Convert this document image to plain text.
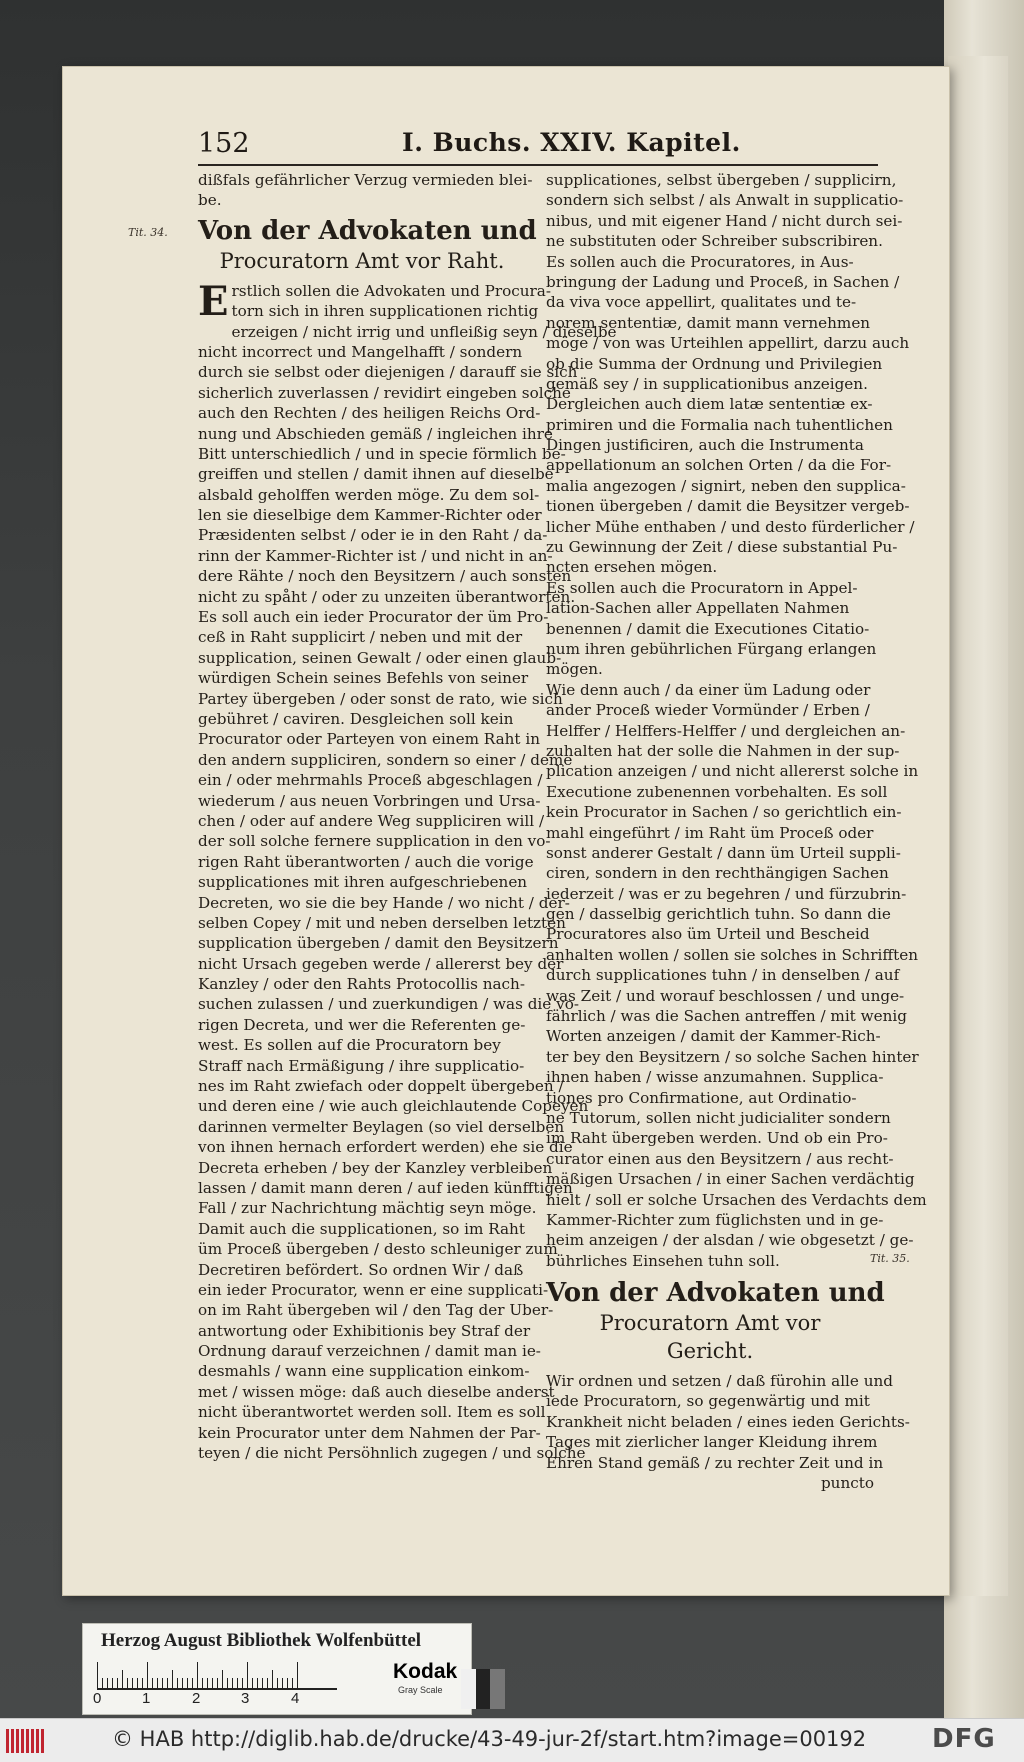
152	I. Buchs. XXIV. Kapitel.
Tit. 34.
Tit. 35.
dißfals gefährlicher Verzug vermieden blei-
be.
Von der Advokaten und
Procuratorn Amt vor Raht.
E rstlich sollen die Advokaten und Procura-
torn sich in ihren supplicationen richtig
erzeigen / nicht irrig und unfleißig seyn / dieselbe
nicht incorrect und Mangelhafft / sondern
durch sie selbst oder diejenigen / darauff sie sich
sicherlich zuverlassen / revidirt eingeben solche
auch den Rechten / des heiligen Reichs Ord-
nung und Abschieden gemäß / ingleichen ihre
Bitt unterschiedlich / und in specie förmlich be-
greiffen und stellen / damit ihnen auf dieselbe
alsbald geholffen werden möge. Zu dem sol-
len sie dieselbige dem Kammer-Richter oder
Præsidenten selbst / oder ie in den Raht / da-
rinn der Kammer-Richter ist / und nicht in an-
dere Rähte / noch den Beysitzern / auch sonsten
nicht zu spåht / oder zu unzeiten überantworten.
Es soll auch ein ieder Procurator der üm Pro-
ceß in Raht supplicirt / neben und mit der
supplication, seinen Gewalt / oder einen glaub-
würdigen Schein seines Befehls von seiner
Partey übergeben / oder sonst de rato, wie sich
gebühret / caviren. Desgleichen soll kein
Procurator oder Parteyen von einem Raht in
den andern suppliciren, sondern so einer / deme
ein / oder mehrmahls Proceß abgeschlagen /
wiederum / aus neuen Vorbringen und Ursa-
chen / oder auf andere Weg suppliciren will /
der soll solche fernere supplication in den vo-
rigen Raht überantworten / auch die vorige
supplicationes mit ihren aufgeschriebenen
Decreten, wo sie die bey Hande / wo nicht / der-
selben Copey / mit und neben derselben letzten
supplication übergeben / damit den Beysitzern
nicht Ursach gegeben werde / allererst bey der
Kanzley / oder den Rahts Protocollis nach-
suchen zulassen / und zuerkundigen / was die vo-
rigen Decreta, und wer die Referenten ge-
west. Es sollen auf die Procuratorn bey
Straff nach Ermäßigung / ihre supplicatio-
nes im Raht zwiefach oder doppelt übergeben /
und deren eine / wie auch gleichlautende Copeyen
darinnen vermelter Beylagen (so viel derselben
von ihnen hernach erfordert werden) ehe sie die
Decreta erheben / bey der Kanzley verbleiben
lassen / damit mann deren / auf ieden künfftigen
Fall / zur Nachrichtung mächtig seyn möge.
Damit auch die supplicationen, so im Raht
üm Proceß übergeben / desto schleuniger zum
Decretiren befördert. So ordnen Wir / daß
ein ieder Procurator, wenn er eine supplicati-
on im Raht übergeben wil / den Tag der Uber-
antwortung oder Exhibitionis bey Straf der
Ordnung darauf verzeichnen / damit man ie-
desmahls / wann eine supplication einkom-
met / wissen möge: daß auch dieselbe anderst
nicht überantwortet werden soll. Item es soll
kein Procurator unter dem Nahmen der Par-
teyen / die nicht Persöhnlich zugegen / und solche
supplicationes, selbst übergeben / supplicirn,
sondern sich selbst / als Anwalt in supplicatio-
nibus, und mit eigener Hand / nicht durch sei-
ne substituten oder Schreiber subscribiren.
Es sollen auch die Procuratores, in Aus-
bringung der Ladung und Proceß, in Sachen /
da viva voce appellirt, qualitates und te-
norem sententiæ, damit mann vernehmen
möge / von was Urteihlen appellirt, darzu auch
ob die Summa der Ordnung und Privilegien
gemäß sey / in supplicationibus anzeigen.
Dergleichen auch diem latæ sententiæ ex-
primiren und die Formalia nach tuhentlichen
Dingen justificiren, auch die Instrumenta
appellationum an solchen Orten / da die For-
malia angezogen / signirt, neben den supplica-
tionen übergeben / damit die Beysitzer vergeb-
licher Mühe enthaben / und desto fürderlicher /
zu Gewinnung der Zeit / diese substantial Pu-
ncten ersehen mögen.
Es sollen auch die Procuratorn in Appel-
lation-Sachen aller Appellaten Nahmen
benennen / damit die Executiones Citatio-
num ihren gebührlichen Fürgang erlangen
mögen.
Wie denn auch / da einer üm Ladung oder
ander Proceß wieder Vormünder / Erben /
Helffer / Helffers-Helffer / und dergleichen an-
zuhalten hat der solle die Nahmen in der sup-
plication anzeigen / und nicht allererst solche in
Executione zubenennen vorbehalten. Es soll
kein Procurator in Sachen / so gerichtlich ein-
mahl eingeführt / im Raht üm Proceß oder
sonst anderer Gestalt / dann üm Urteil suppli-
ciren, sondern in den rechthängigen Sachen
iederzeit / was er zu begehren / und fürzubrin-
gen / dasselbig gerichtlich tuhn. So dann die
Procuratores also üm Urteil und Bescheid
anhalten wollen / sollen sie solches in Schrifften
durch supplicationes tuhn / in denselben / auf
was Zeit / und worauf beschlossen / und unge-
fährlich / was die Sachen antreffen / mit wenig
Worten anzeigen / damit der Kammer-Rich-
ter bey den Beysitzern / so solche Sachen hinter
ihnen haben / wisse anzumahnen. Supplica-
tiones pro Confirmatione, aut Ordinatio-
ne Tutorum, sollen nicht judicialiter sondern
im Raht übergeben werden. Und ob ein Pro-
curator einen aus den Beysitzern / aus recht-
mäßigen Ursachen / in einer Sachen verdächtig
hielt / soll er solche Ursachen des Verdachts dem
Kammer-Richter zum füglichsten und in ge-
heim anzeigen / der alsdan / wie obgesetzt / ge-
bührliches Einsehen tuhn soll.
Von der Advokaten und
Procuratorn Amt vor
Gericht.
Wir ordnen und setzen / daß fürohin alle und
iede Procuratorn, so gegenwärtig und mit
Krankheit nicht beladen / eines ieden Gerichts-
Tages mit zierlicher langer Kleidung ihrem
Ehren Stand gemäß / zu rechter Zeit und in
puncto
Herzog August Bibliothek Wolfenbüttel
0	1	2	3	4
Kodak
Gray Scale
© HAB http://diglib.hab.de/drucke/43-49-jur-2f/start.htm?image=00192	DFG
